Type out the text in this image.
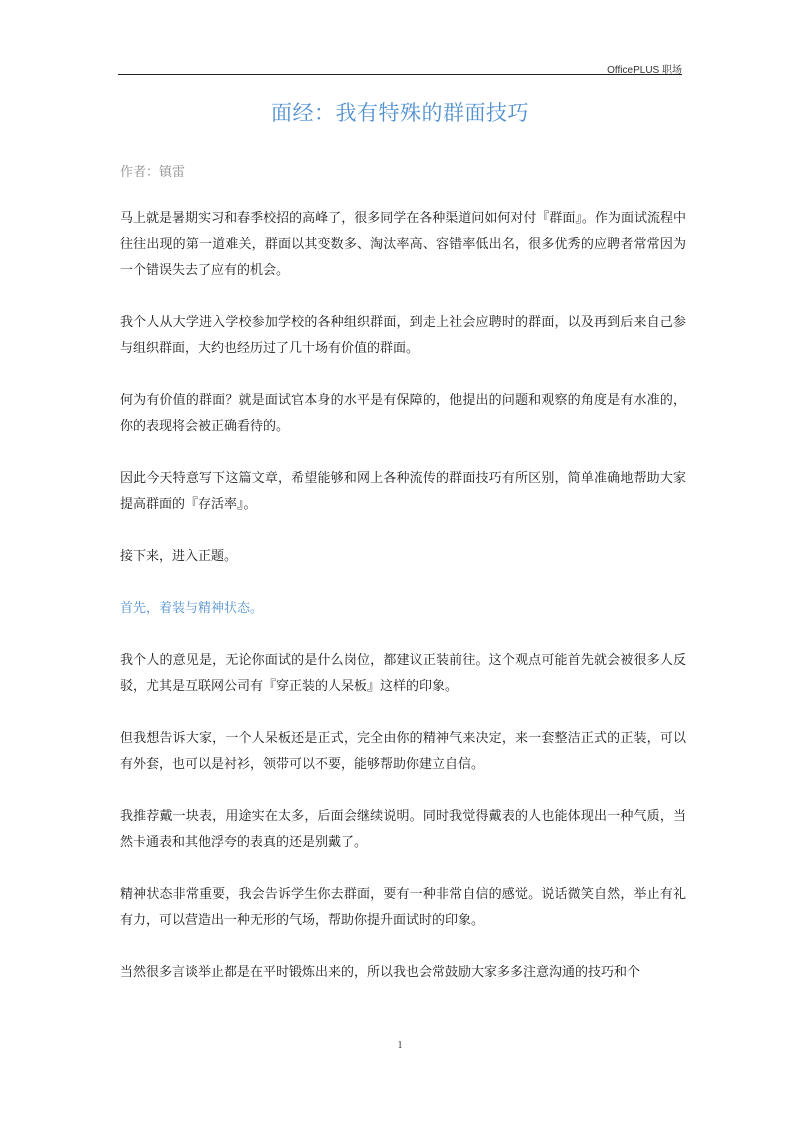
OfficePLUS 职场
面经：我有特殊的群面技巧
作者：镇雷

马上就是暑期实习和春季校招的高峰了，很多同学在各种渠道问如何对付『群面』。作为面试流程中往往出现的第一道难关，群面以其变数多、淘汰率高、容错率低出名，很多优秀的应聘者常常因为一个错误失去了应有的机会。

我个人从大学进入学校参加学校的各种组织群面，到走上社会应聘时的群面，以及再到后来自己参与组织群面，大约也经历过了几十场有价值的群面。

何为有价值的群面？就是面试官本身的水平是有保障的，他提出的问题和观察的角度是有水准的，你的表现将会被正确看待的。

因此今天特意写下这篇文章，希望能够和网上各种流传的群面技巧有所区别，简单准确地帮助大家提高群面的『存活率』。

接下来，进入正题。

首先，着装与精神状态。

我个人的意见是，无论你面试的是什么岗位，都建议正装前往。这个观点可能首先就会被很多人反驳，尤其是互联网公司有『穿正装的人呆板』这样的印象。

但我想告诉大家，一个人呆板还是正式，完全由你的精神气来决定，来一套整洁正式的正装，可以有外套，也可以是衬衫，领带可以不要，能够帮助你建立自信。

我推荐戴一块表，用途实在太多，后面会继续说明。同时我觉得戴表的人也能体现出一种气质，当然卡通表和其他浮夸的表真的还是别戴了。

精神状态非常重要，我会告诉学生你去群面，要有一种非常自信的感觉。说话微笑自然，举止有礼有力，可以营造出一种无形的气场，帮助你提升面试时的印象。

当然很多言谈举止都是在平时锻炼出来的，所以我也会常鼓励大家多多注意沟通的技巧和个

1
